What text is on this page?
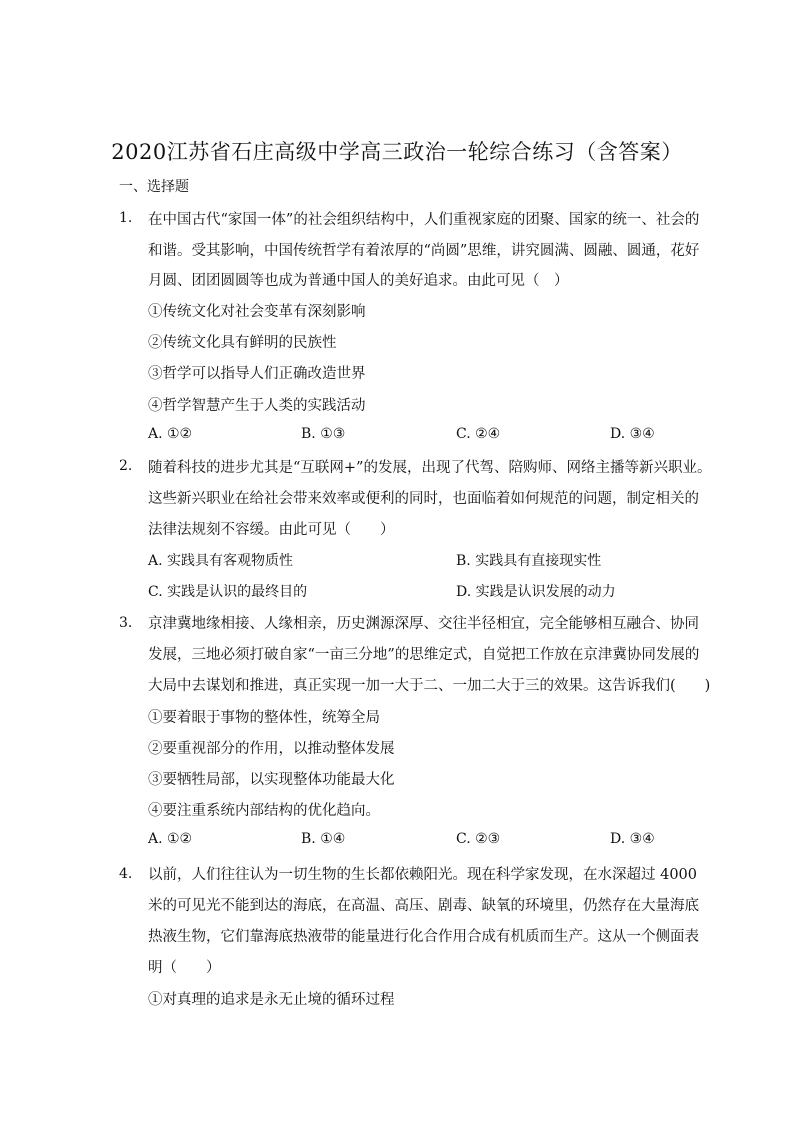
2020江苏省石庄高级中学高三政治一轮综合练习（含答案）
一、选择题
1. 在中国古代“家国一体”的社会组织结构中，人们重视家庭的团聚、国家的统一、社会的
和谐。受其影响，中国传统哲学有着浓厚的“尚圆”思维，讲究圆满、圆融、圆通，花好
月圆、团团圆圆等也成为普通中国人的美好追求。由此可见（　）
①传统文化对社会变革有深刻影响
②传统文化具有鲜明的民族性
③哲学可以指导人们正确改造世界
④哲学智慧产生于人类的实践活动
A. ①②	B. ①③	C. ②④	D. ③④
2. 随着科技的进步尤其是“互联网+”的发展，出现了代驾、陪购师、网络主播等新兴职业。
这些新兴职业在给社会带来效率或便利的同时，也面临着如何规范的问题，制定相关的
法律法规刻不容缓。由此可见（　　）
A. 实践具有客观物质性	B. 实践具有直接现实性
C. 实践是认识的最终目的	D. 实践是认识发展的动力
3. 京津冀地缘相接、人缘相亲，历史渊源深厚、交往半径相宜，完全能够相互融合、协同
发展，三地必须打破自家“一亩三分地”的思维定式，自觉把工作放在京津冀协同发展的
大局中去谋划和推进，真正实现一加一大于二、一加二大于三的效果。这告诉我们(　　)
①要着眼于事物的整体性，统筹全局
②要重视部分的作用，以推动整体发展
③要牺牲局部，以实现整体功能最大化
④要注重系统内部结构的优化趋向。
A. ①②	B. ①④	C. ②③	D. ③④
4. 以前，人们往往认为一切生物的生长都依赖阳光。现在科学家发现，在水深超过 4000
米的可见光不能到达的海底，在高温、高压、剧毒、缺氧的环境里，仍然存在大量海底
热液生物，它们靠海底热液带的能量进行化合作用合成有机质而生产。这从一个侧面表
明（　　）
①对真理的追求是永无止境的循环过程
